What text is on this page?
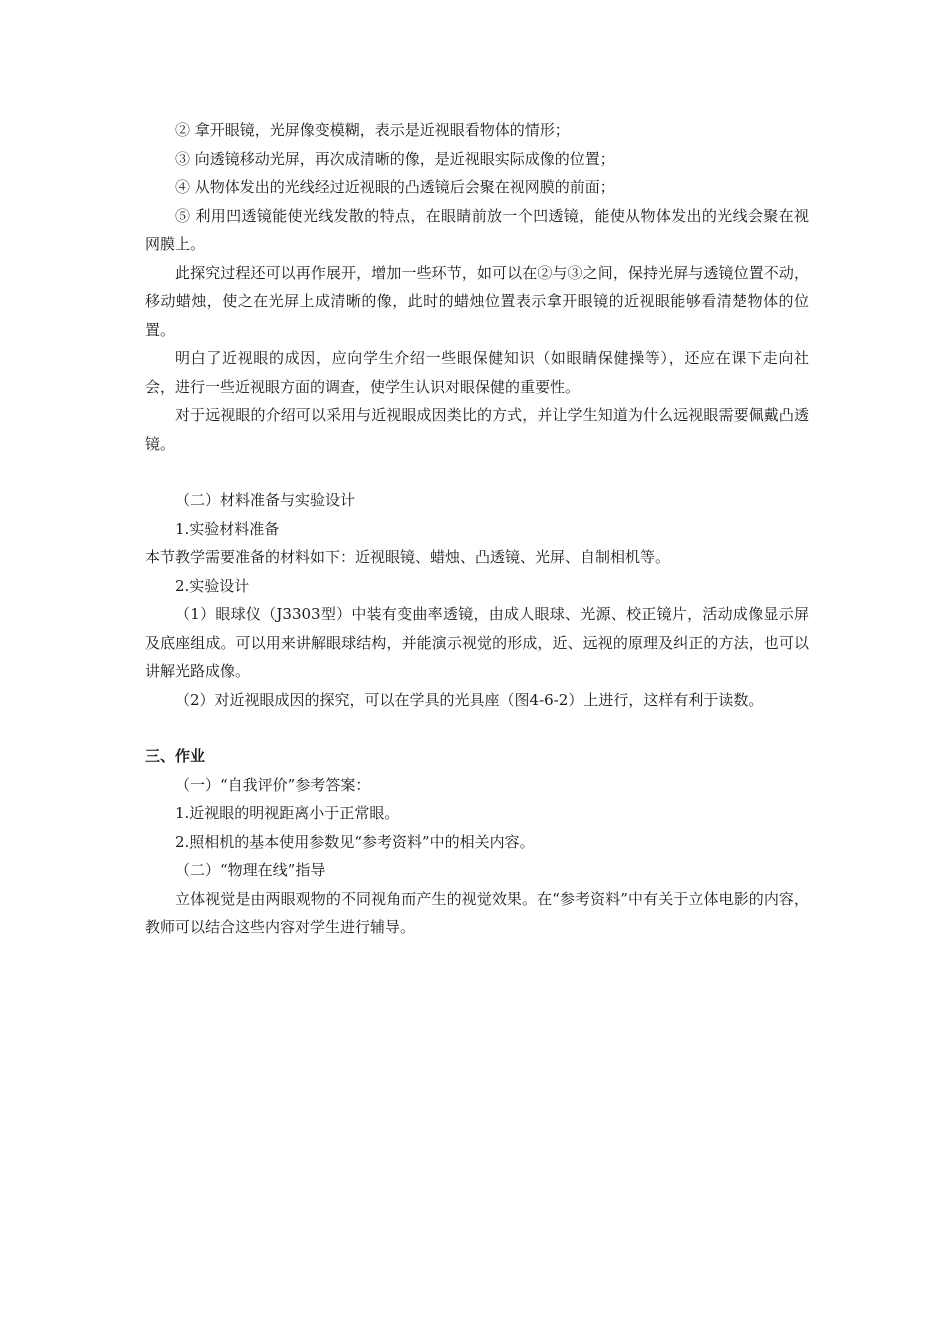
② 拿开眼镜，光屏像变模糊，表示是近视眼看物体的情形；

③ 向透镜移动光屏，再次成清晰的像，是近视眼实际成像的位置；

④ 从物体发出的光线经过近视眼的凸透镜后会聚在视网膜的前面；

⑤ 利用凹透镜能使光线发散的特点，在眼睛前放一个凹透镜，能使从物体发出的光线会聚在视网膜上。

此探究过程还可以再作展开，增加一些环节，如可以在②与③之间，保持光屏与透镜位置不动，移动蜡烛，使之在光屏上成清晰的像，此时的蜡烛位置表示拿开眼镜的近视眼能够看清楚物体的位置。

明白了近视眼的成因，应向学生介绍一些眼保健知识（如眼睛保健操等），还应在课下走向社会，进行一些近视眼方面的调查，使学生认识对眼保健的重要性。

对于远视眼的介绍可以采用与近视眼成因类比的方式，并让学生知道为什么远视眼需要佩戴凸透镜。

（二）材料准备与实验设计

1.实验材料准备

本节教学需要准备的材料如下：近视眼镜、蜡烛、凸透镜、光屏、自制相机等。

2.实验设计

（1）眼球仪（J3303型）中装有变曲率透镜，由成人眼球、光源、校正镜片，活动成像显示屏及底座组成。可以用来讲解眼球结构，并能演示视觉的形成，近、远视的原理及纠正的方法，也可以讲解光路成像。

（2）对近视眼成因的探究，可以在学具的光具座（图4-6-2）上进行，这样有利于读数。

三、作业

（一）“自我评价”参考答案：

1.近视眼的明视距离小于正常眼。

2.照相机的基本使用参数见“参考资料”中的相关内容。

（二）“物理在线”指导

立体视觉是由两眼观物的不同视角而产生的视觉效果。在“参考资料”中有关于立体电影的内容，教师可以结合这些内容对学生进行辅导。
